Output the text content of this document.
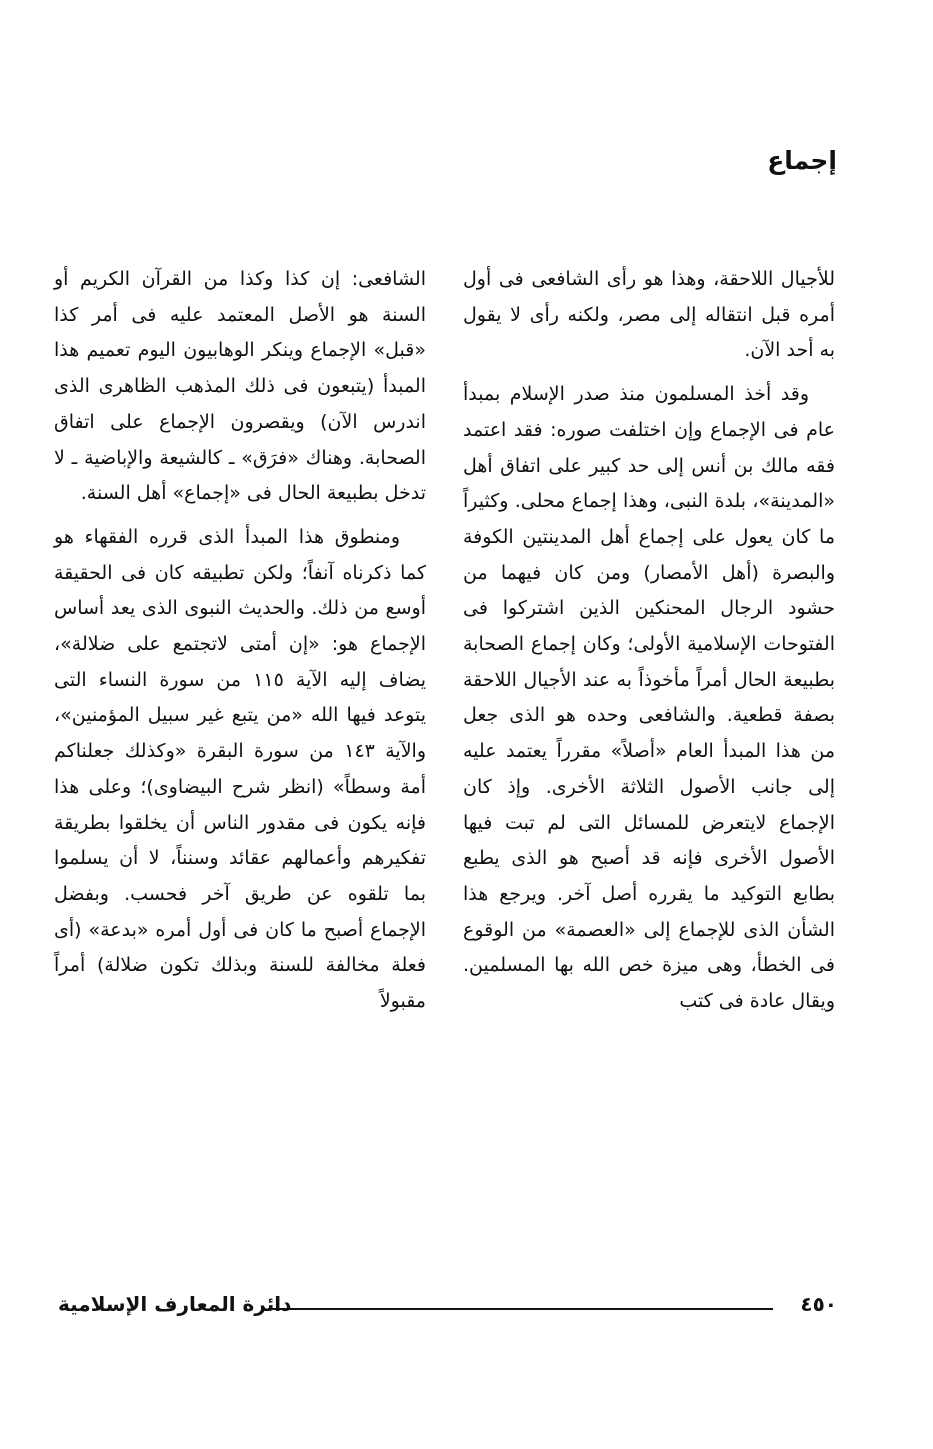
إجماع

للأجيال اللاحقة، وهذا هو رأى الشافعى فى أول أمره قبل انتقاله إلى مصر، ولكنه رأى لا يقول به أحد الآن.

وقد أخذ المسلمون منذ صدر الإسلام بمبدأ عام فى الإجماع وإن اختلفت صوره: فقد اعتمد فقه مالك بن أنس إلى حد كبير على اتفاق أهل «المدينة»، بلدة النبى، وهذا إجماع محلى. وكثيراً ما كان يعول على إجماع أهل المدينتين الكوفة والبصرة (أهل الأمصار) ومن كان فيهما من حشود الرجال المحنكين الذين اشتركوا فى الفتوحات الإسلامية الأولى؛ وكان إجماع الصحابة بطبيعة الحال أمراً مأخوذاً به عند الأجيال اللاحقة بصفة قطعية. والشافعى وحده هو الذى جعل من هذا المبدأ العام «أصلاً» مقرراً يعتمد عليه إلى جانب الأصول الثلاثة الأخرى. وإذ كان الإجماع لايتعرض للمسائل التى لم تبت فيها الأصول الأخرى فإنه قد أصبح هو الذى يطبع بطابع التوكيد ما يقرره أصل آخر. ويرجع هذا الشأن الذى للإجماع إلى «العصمة» من الوقوع فى الخطأ، وهى ميزة خص الله بها المسلمين. ويقال عادة فى كتب

الشافعى: إن كذا وكذا من القرآن الكريم أو السنة هو الأصل المعتمد عليه فى أمر كذا «قبل» الإجماع وينكر الوهابيون اليوم تعميم هذا المبدأ (يتبعون فى ذلك المذهب الظاهرى الذى اندرس الآن) ويقصرون الإجماع على اتفاق الصحابة. وهناك «فرَق» ـ كالشيعة والإباضية ـ لا تدخل بطبيعة الحال فى «إجماع» أهل السنة.

ومنطوق هذا المبدأ الذى قرره الفقهاء هو كما ذكرناه آنفاً؛ ولكن تطبيقه كان فى الحقيقة أوسع من ذلك. والحديث النبوى الذى يعد أساس الإجماع هو: «إن أمتى لاتجتمع على ضلالة»، يضاف إليه الآية ١١٥ من سورة النساء التى يتوعد فيها الله «من يتبع غير سبيل المؤمنين»، والآية ١٤٣ من سورة البقرة «وكذلك جعلناكم أمة وسطاً» (انظر شرح البيضاوى)؛ وعلى هذا فإنه يكون فى مقدور الناس أن يخلقوا بطريقة تفكيرهم وأعمالهم عقائد وسنناً، لا أن يسلموا بما تلقوه عن طريق آخر فحسب. وبفضل الإجماع أصبح ما كان فى أول أمره «بدعة» (أى فعلة مخالفة للسنة وبذلك تكون ضلالة) أمراً مقبولاً

٤٥٠
دائرة المعارف الإسلامية
